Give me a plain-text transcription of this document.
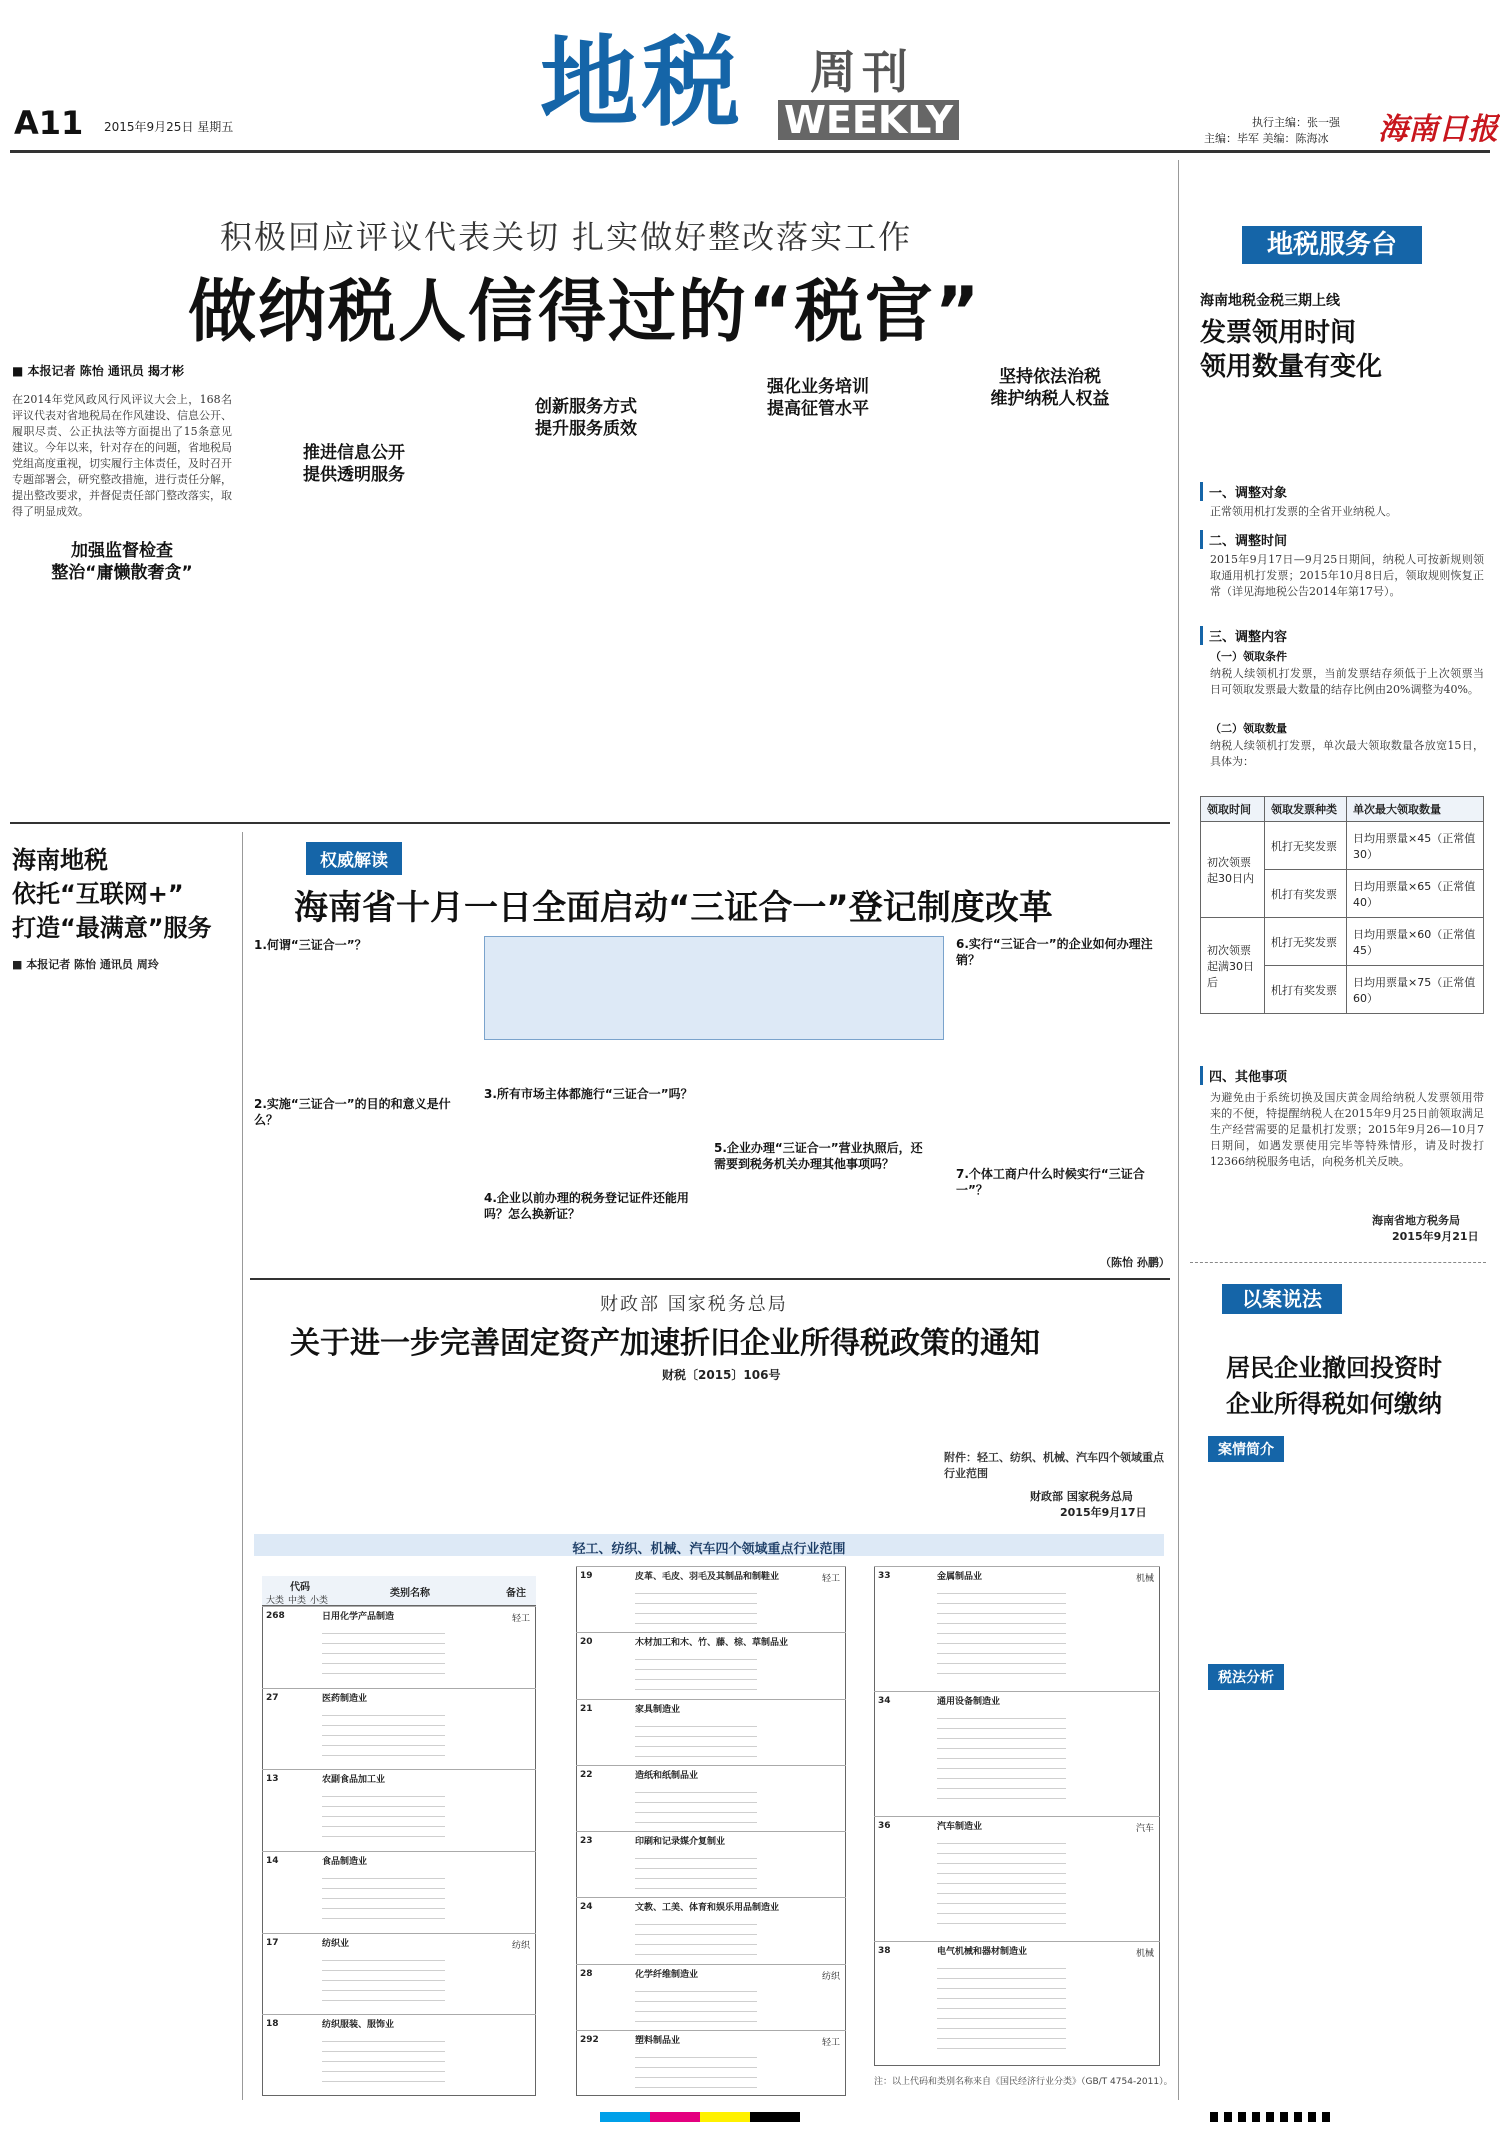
A11 2015年9月25日 星期五	地税 周刊
WEEKLY	执行主编：张一强
主编：毕军 美编：陈海冰 海南日报
积极回应评议代表关切 扎实做好整改落实工作
做纳税人信得过的“税官”
■ 本报记者 陈怡 通讯员 揭才彬
在2014年党风政风行风评议大会上，168名评议代表对省地税局在作风建设、信息公开、履职尽责、公正执法等方面提出了15条意见建议。今年以来，针对存在的问题，省地税局党组高度重视，切实履行主体责任，及时召开专题部署会，研究整改措施，进行责任分解，提出整改要求，并督促责任部门整改落实，取得了明显成效。
加强监督检查
整治“庸懒散奢贪”
推进信息公开
提供透明服务
创新服务方式
提升服务质效
强化业务培训
提高征管水平
坚持依法治税
维护纳税人权益
地税服务台
海南地税金税三期上线
发票领用时间
领用数量有变化
一、调整对象
正常领用机打发票的全省开业纳税人。
二、调整时间
2015年9月17日—9月25日期间，纳税人可按新规则领取通用机打发票；2015年10月8日后，领取规则恢复正常（详见海地税公告2014年第17号）。
三、调整内容
（一）领取条件
纳税人续领机打发票，当前发票结存须低于上次领票当日可领取发票最大数量的结存比例由20%调整为40%。
（二）领取数量
纳税人续领机打发票，单次最大领取数量各放宽15日，具体为：
领取时间	领取发票种类	单次最大领取数量
初次领票起30日内	机打无奖发票	日均用票量×45（正常值30）
	机打有奖发票	日均用票量×65（正常值40）
初次领票起满30日后	机打无奖发票	日均用票量×60（正常值45）
	机打有奖发票	日均用票量×75（正常值60）
四、其他事项
为避免由于系统切换及国庆黄金周给纳税人发票领用带来的不便，特提醒纳税人在2015年9月25日前领取满足生产经营需要的足量机打发票；2015年9月26—10月7日期间，如遇发票使用完毕等特殊情形，请及时拨打12366纳税服务电话，向税务机关反映。
海南省地方税务局
2015年9月21日
以案说法
居民企业撤回投资时
企业所得税如何缴纳
案情简介
税法分析
海南地税
依托“互联网+”
打造“最满意”服务
■ 本报记者 陈怡 通讯员 周玲
权威解读
海南省十月一日全面启动“三证合一”登记制度改革
1.何谓“三证合一”？
2.实施“三证合一”的目的和意义是什么？
3.所有市场主体都施行“三证合一”吗？
4.企业以前办理的税务登记证件还能用吗？怎么换新证？
5.企业办理“三证合一”营业执照后，还需要到税务机关办理其他事项吗？
6.实行“三证合一”的企业如何办理注销？
7.个体工商户什么时候实行“三证合一”？
（陈怡 孙鹏）
财政部 国家税务总局
关于进一步完善固定资产加速折旧企业所得税政策的通知
财税〔2015〕106号
附件：轻工、纺织、机械、汽车四个领域重点行业范围
财政部 国家税务总局
2015年9月17日
轻工、纺织、机械、汽车四个领域重点行业范围
代码
类别名称	备注
大类 中类 小类
268	日用化学产品制造	轻工
27	医药制造业
13	农副食品加工业
14	食品制造业
17	纺织业	纺织
18	纺织服装、服饰业
19	皮革、毛皮、羽毛及其制品和制鞋业	轻工
20	木材加工和木、竹、藤、棕、草制品业
21	家具制造业
22	造纸和纸制品业
23	印刷和记录媒介复制业
24	文教、工美、体育和娱乐用品制造业
28	化学纤维制造业	纺织
292	塑料制品业	轻工
33	金属制品业	机械
34	通用设备制造业
36	汽车制造业	汽车
38	电气机械和器材制造业	机械
注：以上代码和类别名称来自《国民经济行业分类》（GB/T 4754-2011）。
